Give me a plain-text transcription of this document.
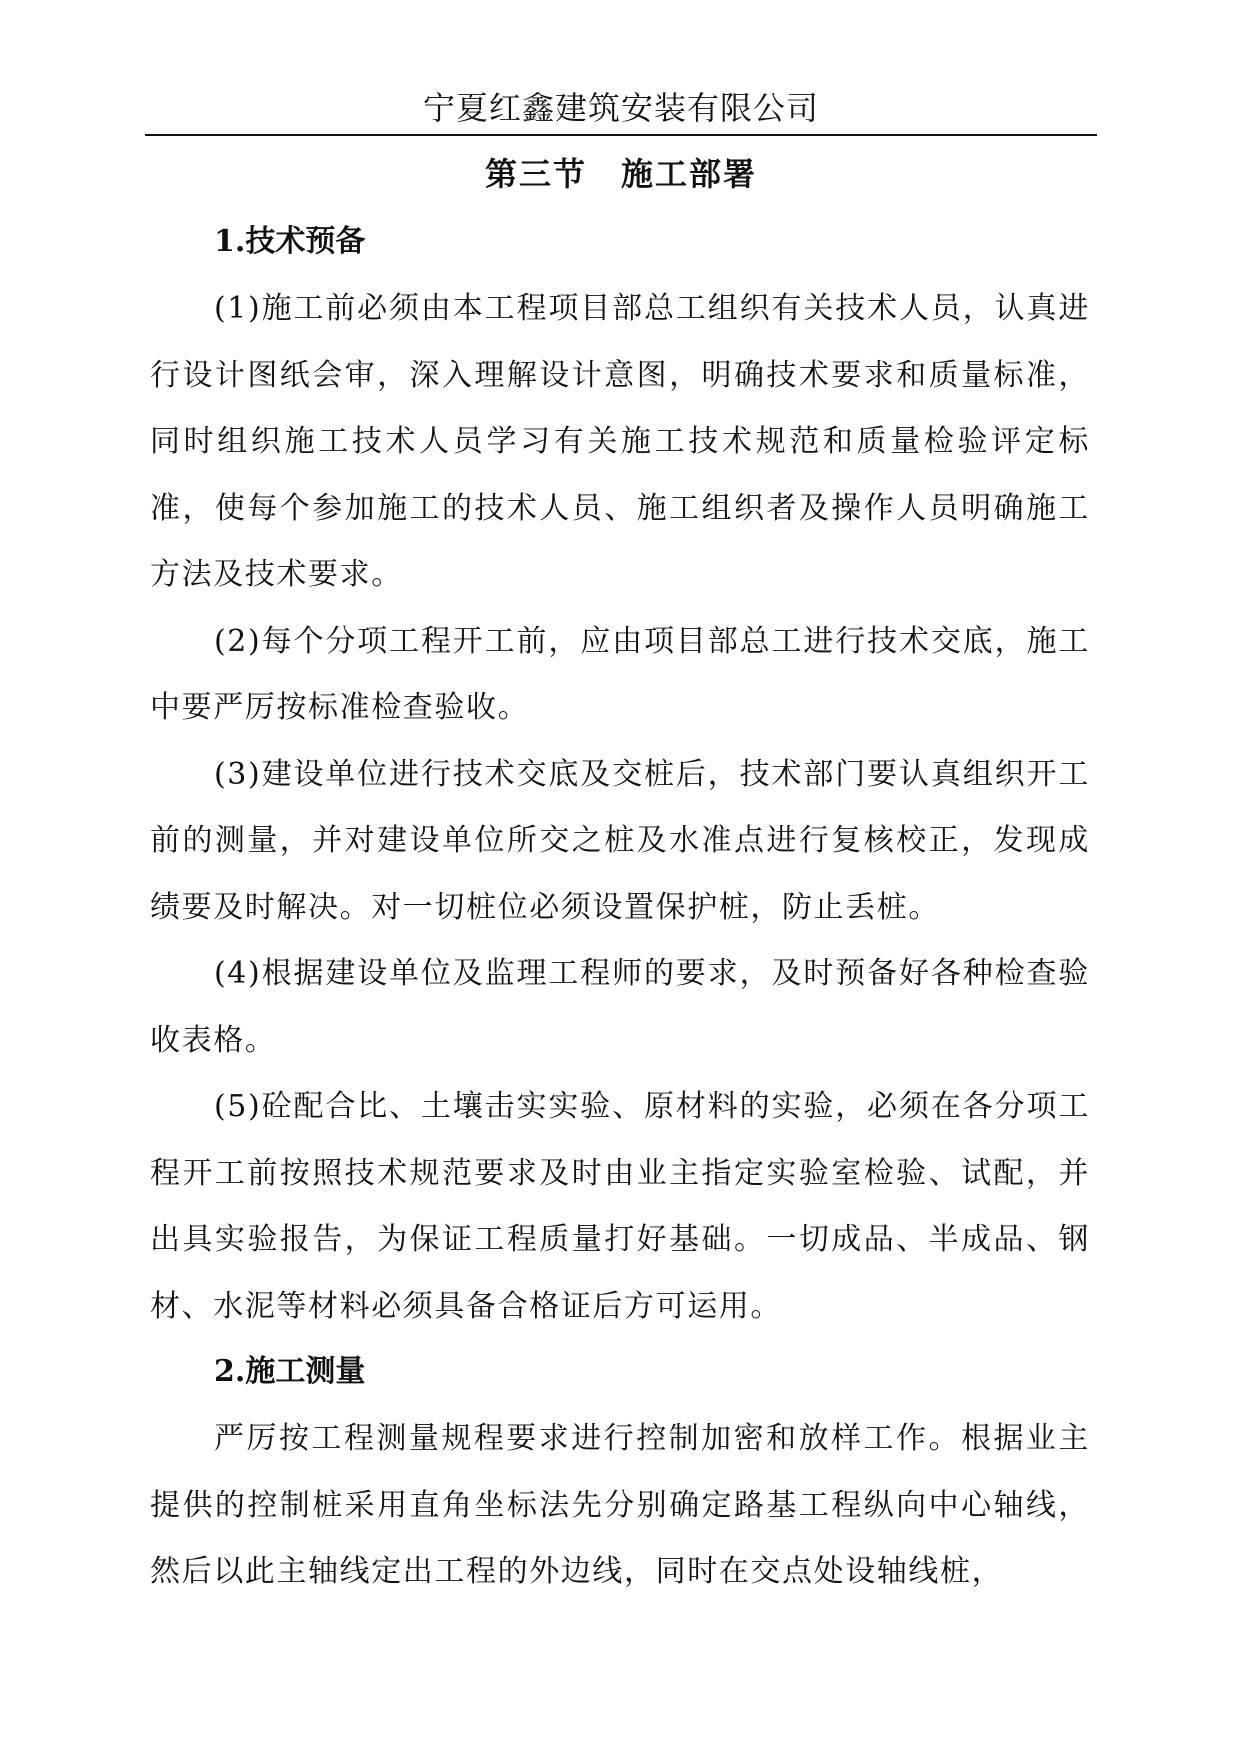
宁夏红鑫建筑安装有限公司
第三节　施工部署
1.技术预备

(1)施工前必须由本工程项目部总工组织有关技术人员，认真进行设计图纸会审，深入理解设计意图，明确技术要求和质量标准，同时组织施工技术人员学习有关施工技术规范和质量检验评定标准，使每个参加施工的技术人员、施工组织者及操作人员明确施工方法及技术要求。

(2)每个分项工程开工前，应由项目部总工进行技术交底，施工中要严厉按标准检查验收。

(3)建设单位进行技术交底及交桩后，技术部门要认真组织开工前的测量，并对建设单位所交之桩及水准点进行复核校正，发现成绩要及时解决。对一切桩位必须设置保护桩，防止丢桩。

(4)根据建设单位及监理工程师的要求，及时预备好各种检查验收表格。

(5)砼配合比、土壤击实实验、原材料的实验，必须在各分项工程开工前按照技术规范要求及时由业主指定实验室检验、试配，并出具实验报告，为保证工程质量打好基础。一切成品、半成品、钢材、水泥等材料必须具备合格证后方可运用。

2.施工测量

严厉按工程测量规程要求进行控制加密和放样工作。根据业主提供的控制桩采用直角坐标法先分别确定路基工程纵向中心轴线，然后以此主轴线定出工程的外边线，同时在交点处设轴线桩，
